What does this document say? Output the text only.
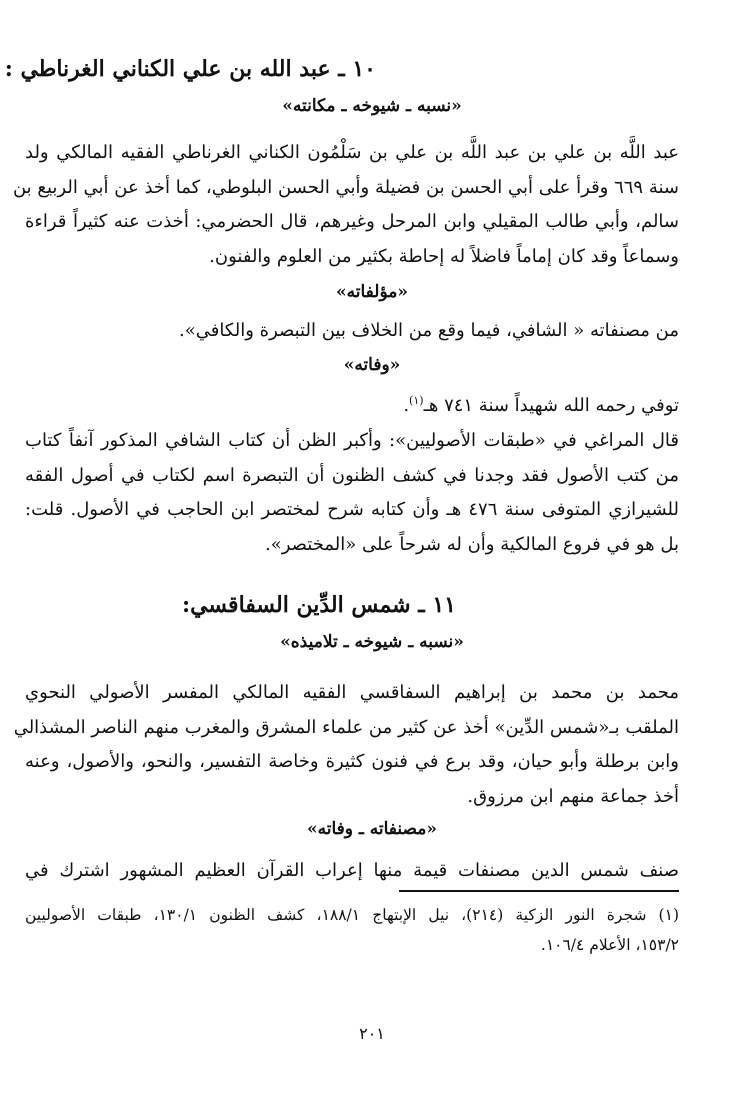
١٠ ـ عبد الله بن علي الكناني الغرناطي :
«نسبه ـ شيوخه ـ مكانته»
عبد اللَّه بن علي بن عبد اللَّه بن علي بن سَلْمُون الكناني الغرناطي الفقيه المالكي ولد
سنة ٦٦٩ وقرأ على أبي الحسن بن فضيلة وأبي الحسن البلوطي، كما أخذ عن أبي الربيع بن
سالم، وأبي طالب المقيلي وابن المرحل وغيرهم، قال الحضرمي: أخذت عنه كثيراً قراءة
وسماعاً وقد كان إماماً فاضلاً له إحاطة بكثير من العلوم والفنون.
«مؤلفاته»
من مصنفاته « الشافي، فيما وقع من الخلاف بين التبصرة والكافي».
«وفاته»
توفي رحمه الله شهيداً سنة ٧٤١ هـ$^{(١)}$.
قال المراغي في «طبقات الأصوليين»: وأكبر الظن أن كتاب الشافي المذكور آنفاً كتاب
من كتب الأصول فقد وجدنا في كشف الظنون أن التبصرة اسم لكتاب في أصول الفقه
للشيرازي المتوفى سنة ٤٧٦ هـ وأن كتابه شرح لمختصر ابن الحاجب في الأصول. قلت:
بل هو في فروع المالكية وأن له شرحاً على «المختصر».
١١ ـ شمس الدِّين السفاقسي:
«نسبه ـ شيوخه ـ تلاميذه»
محمد بن محمد بن إبراهيم السفاقسي الفقيه المالكي المفسر الأصولي النحوي
الملقب بـ«شمس الدِّين» أخذ عن كثير من علماء المشرق والمغرب منهم الناصر المشذالي
وابن برطلة وأبو حيان، وقد برع في فنون كثيرة وخاصة التفسير، والنحو، والأصول، وعنه
أخذ جماعة منهم ابن مرزوق.
«مصنفاته ـ وفاته»
صنف شمس الدين مصنفات قيمة منها إعراب القرآن العظيم المشهور اشترك في
(١) شجرة النور الزكية (٢١٤)، نيل الإبتهاج ١٨٨/١، كشف الظنون ١٣٠/١، طبقات الأصوليين
١٥٣/٢، الأعلام ١٠٦/٤.
٢٠١
